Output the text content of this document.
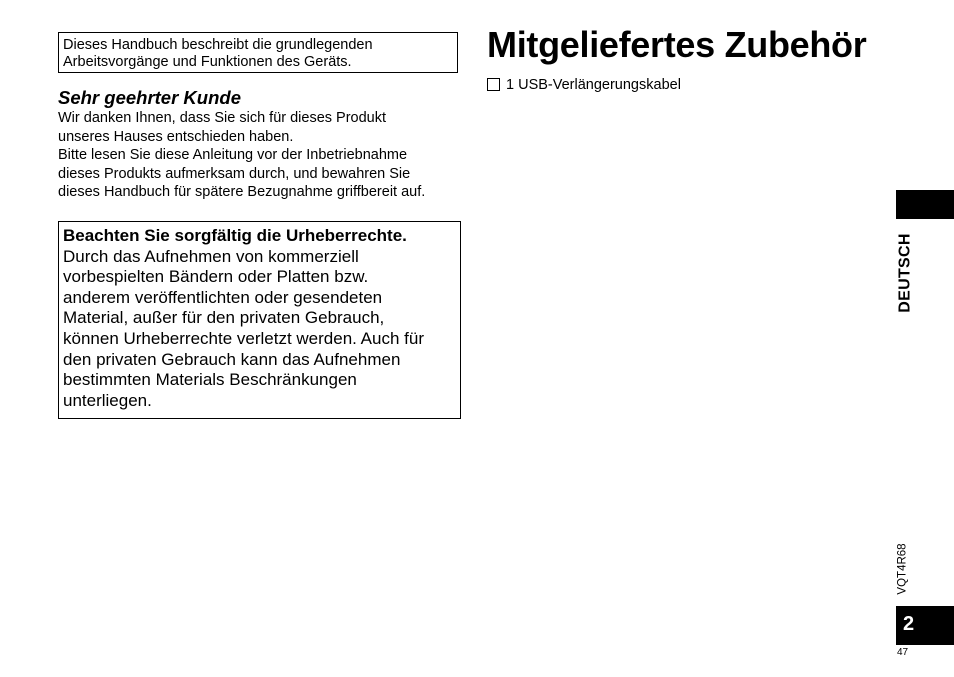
Dieses Handbuch beschreibt die grundlegenden
Arbeitsvorgänge und Funktionen des Geräts.
Sehr geehrter Kunde
Wir danken Ihnen, dass Sie sich für dieses Produkt
unseres Hauses entschieden haben.
Bitte lesen Sie diese Anleitung vor der Inbetriebnahme
dieses Produkts aufmerksam durch, und bewahren Sie
dieses Handbuch für spätere Bezugnahme griffbereit auf.
Beachten Sie sorgfältig die Urheberrechte.
Durch das Aufnehmen von kommerziell
vorbespielten Bändern oder Platten bzw.
anderem veröffentlichten oder gesendeten
Material, außer für den privaten Gebrauch,
können Urheberrechte verletzt werden. Auch für
den privaten Gebrauch kann das Aufnehmen
bestimmten Materials Beschränkungen
unterliegen.
Mitgeliefertes Zubehör
1 USB-Verlängerungskabel
DEUTSCH
VQT4R68
2
47
